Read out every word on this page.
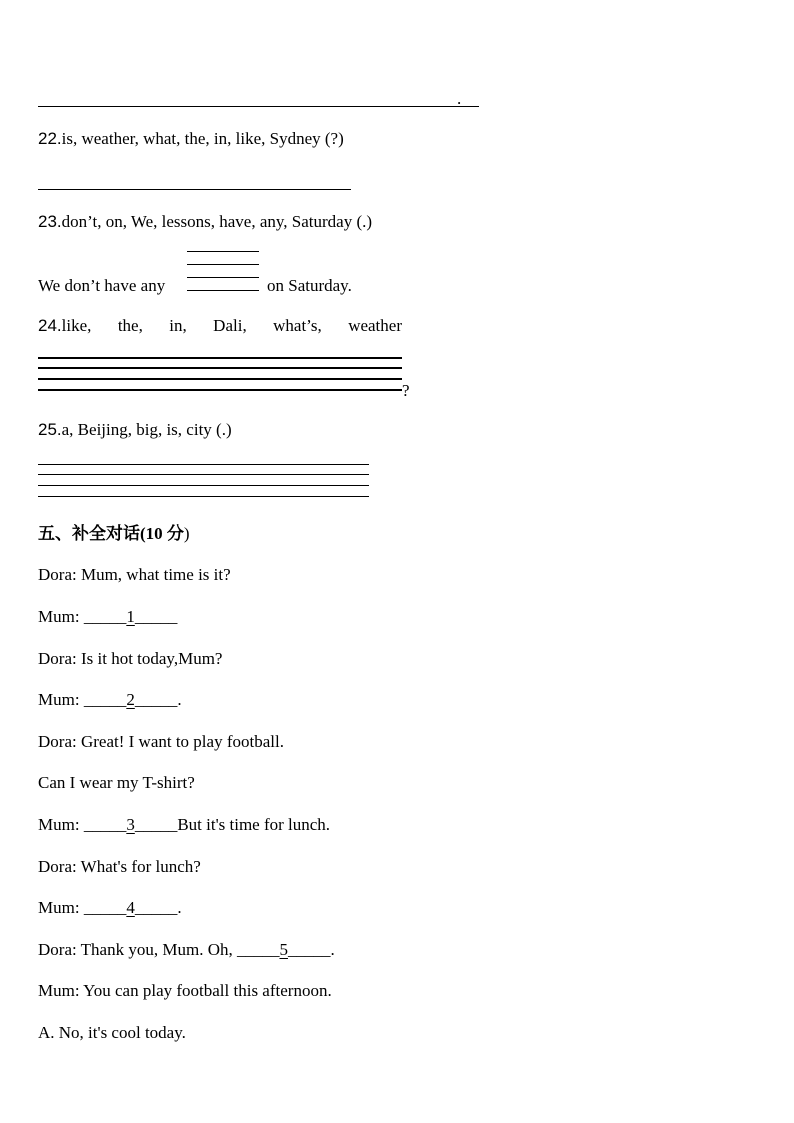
.
22.is, weather, what, the, in, like, Sydney (?)
23.don’t, on, We, lessons, have, any, Saturday (.)
We don’t have any	on Saturday.
24.like, the, in, Dali, what’s, weather
?
25.a, Beijing, big, is, city (.)
五、补全对话(10 分)
Dora: Mum, what time is it?
Mum: _____1_____
Dora: Is it hot today,Mum?
Mum: _____2_____.
Dora: Great! I want to play football.
Can I wear my T-shirt?
Mum: _____3_____But it's time for lunch.
Dora: What's for lunch?
Mum: _____4_____.
Dora: Thank you, Mum. Oh, _____5_____.
Mum: You can play football this afternoon.
A. No, it's cool today.
